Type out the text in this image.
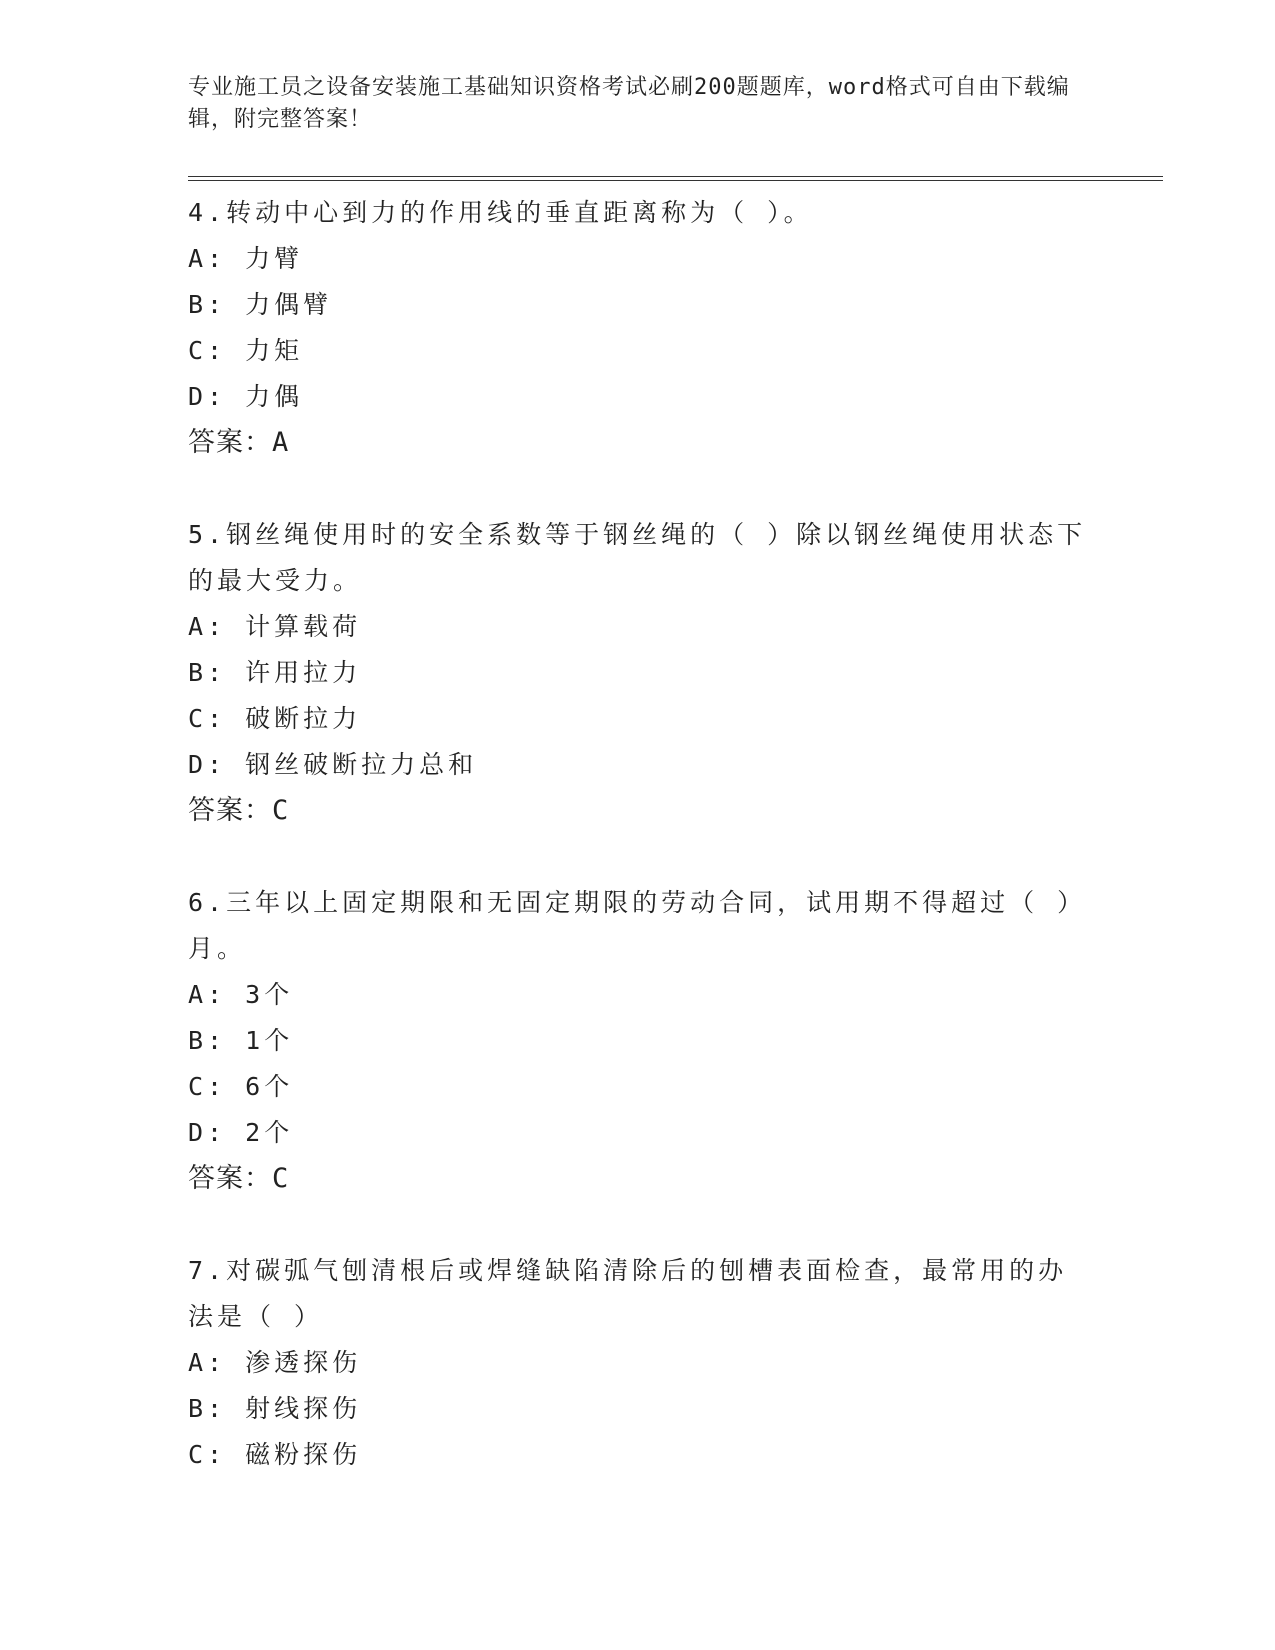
专业施工员之设备安装施工基础知识资格考试必刷200题题库，word格式可自由下载编辑，附完整答案！
4.转动中心到力的作用线的垂直距离称为（ ）。
A: 力臂
B: 力偶臂
C: 力矩
D: 力偶
答案：A
5.钢丝绳使用时的安全系数等于钢丝绳的（ ）除以钢丝绳使用状态下的最大受力。
A: 计算载荷
B: 许用拉力
C: 破断拉力
D: 钢丝破断拉力总和
答案：C
6.三年以上固定期限和无固定期限的劳动合同，试用期不得超过（ ）月。
A: 3个
B: 1个
C: 6个
D: 2个
答案：C
7.对碳弧气刨清根后或焊缝缺陷清除后的刨槽表面检查，最常用的办法是（ ）
A: 渗透探伤
B: 射线探伤
C: 磁粉探伤
